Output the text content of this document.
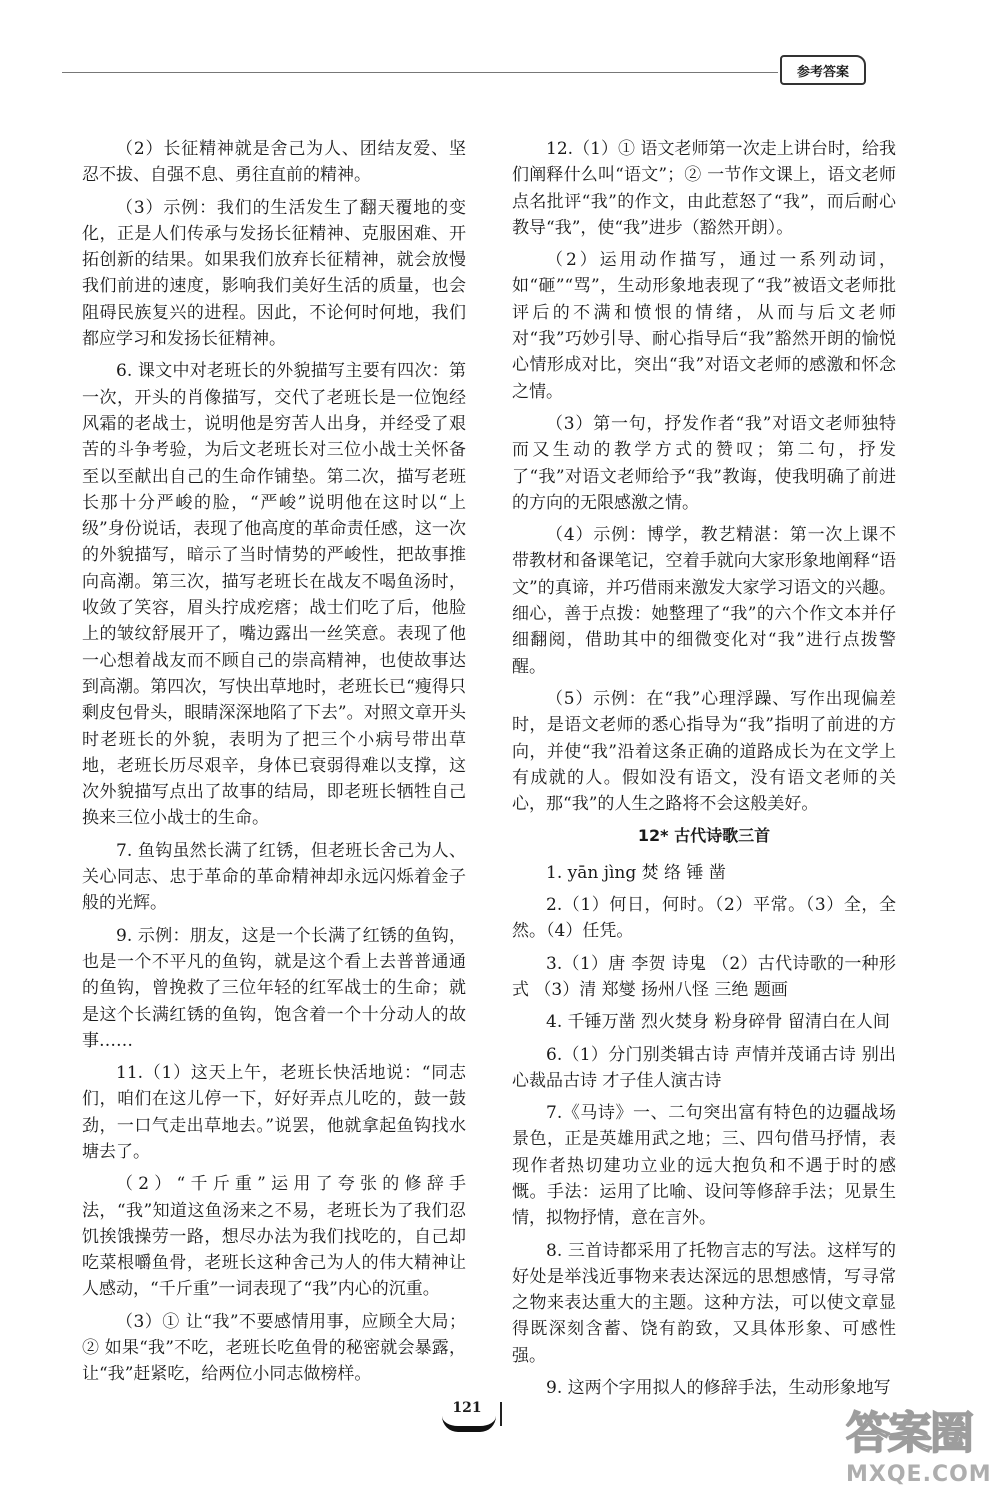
参考答案

（2）长征精神就是舍己为人、团结友爱、坚忍不拔、自强不息、勇往直前的精神。

（3）示例：我们的生活发生了翻天覆地的变化，正是人们传承与发扬长征精神、克服困难、开拓创新的结果。如果我们放弃长征精神，就会放慢我们前进的速度，影响我们美好生活的质量，也会阻碍民族复兴的进程。因此，不论何时何地，我们都应学习和发扬长征精神。

6. 课文中对老班长的外貌描写主要有四次：第一次，开头的肖像描写，交代了老班长是一位饱经风霜的老战士，说明他是穷苦人出身，并经受了艰苦的斗争考验，为后文老班长对三位小战士关怀备至以至献出自己的生命作铺垫。第二次，描写老班长那十分严峻的脸，“严峻”说明他在这时以“上级”身份说话，表现了他高度的革命责任感，这一次的外貌描写，暗示了当时情势的严峻性，把故事推向高潮。第三次，描写老班长在战友不喝鱼汤时，收敛了笑容，眉头拧成疙瘩；战士们吃了后，他脸上的皱纹舒展开了，嘴边露出一丝笑意。表现了他一心想着战友而不顾自己的崇高精神，也使故事达到高潮。第四次，写快出草地时，老班长已“瘦得只剩皮包骨头，眼睛深深地陷了下去”。对照文章开头时老班长的外貌，表明为了把三个小病号带出草地，老班长历尽艰辛，身体已衰弱得难以支撑，这次外貌描写点出了故事的结局，即老班长牺牲自己换来三位小战士的生命。

7. 鱼钩虽然长满了红锈，但老班长舍己为人、关心同志、忠于革命的革命精神却永远闪烁着金子般的光辉。

9. 示例：朋友，这是一个长满了红锈的鱼钩，也是一个不平凡的鱼钩，就是这个看上去普普通通的鱼钩，曾挽救了三位年轻的红军战士的生命；就是这个长满红锈的鱼钩，饱含着一个十分动人的故事……

11.（1）这天上午，老班长快活地说：“同志们，咱们在这儿停一下，好好弄点儿吃的，鼓一鼓劲，一口气走出草地去。”说罢，他就拿起鱼钩找水塘去了。

（2）“千斤重”运用了夸张的修辞手法，“我”知道这鱼汤来之不易，老班长为了我们忍饥挨饿操劳一路，想尽办法为我们找吃的，自己却吃菜根嚼鱼骨，老班长这种舍己为人的伟大精神让人感动，“千斤重”一词表现了“我”内心的沉重。

（3）① 让“我”不要感情用事，应顾全大局；② 如果“我”不吃，老班长吃鱼骨的秘密就会暴露，让“我”赶紧吃，给两位小同志做榜样。

12.（1）① 语文老师第一次走上讲台时，给我们阐释什么叫“语文”；② 一节作文课上，语文老师点名批评“我”的作文，由此惹怒了“我”，而后耐心教导“我”，使“我”进步（豁然开朗）。

（2）运用动作描写，通过一系列动词，如“砸”“骂”，生动形象地表现了“我”被语文老师批评后的不满和愤恨的情绪，从而与后文老师对“我”巧妙引导、耐心指导后“我”豁然开朗的愉悦心情形成对比，突出“我”对语文老师的感激和怀念之情。

（3）第一句，抒发作者“我”对语文老师独特而又生动的教学方式的赞叹；第二句，抒发了“我”对语文老师给予“我”教诲，使我明确了前进的方向的无限感激之情。

（4）示例：博学，教艺精湛：第一次上课不带教材和备课笔记，空着手就向大家形象地阐释“语文”的真谛，并巧借雨来激发大家学习语文的兴趣。细心，善于点拨：她整理了“我”的六个作文本并仔细翻阅，借助其中的细微变化对“我”进行点拨警醒。

（5）示例：在“我”心理浮躁、写作出现偏差时，是语文老师的悉心指导为“我”指明了前进的方向，并使“我”沿着这条正确的道路成长为在文学上有成就的人。假如没有语文，没有语文老师的关心，那“我”的人生之路将不会这般美好。

12* 古代诗歌三首

1. yān jìng 焚 络 锤 凿

2.（1）何日，何时。（2）平常。（3）全，全然。（4）任凭。

3.（1）唐 李贺 诗鬼 （2）古代诗歌的一种形式 （3）清 郑燮 扬州八怪 三绝 题画

4. 千锤万凿 烈火焚身 粉身碎骨 留清白在人间

6.（1）分门别类辑古诗 声情并茂诵古诗 别出心裁品古诗 才子佳人演古诗

7.《马诗》一、二句突出富有特色的边疆战场景色，正是英雄用武之地；三、四句借马抒情，表现作者热切建功立业的远大抱负和不遇于时的感慨。手法：运用了比喻、设问等修辞手法；见景生情，拟物抒情，意在言外。

8. 三首诗都采用了托物言志的写法。这样写的好处是举浅近事物来表达深远的思想感情，写寻常之物来表达重大的主题。这种方法，可以使文章显得既深刻含蓄、饶有韵致，又具体形象、可感性强。

9. 这两个字用拟人的修辞手法，生动形象地写

121	答案圈
MXQE.COM
